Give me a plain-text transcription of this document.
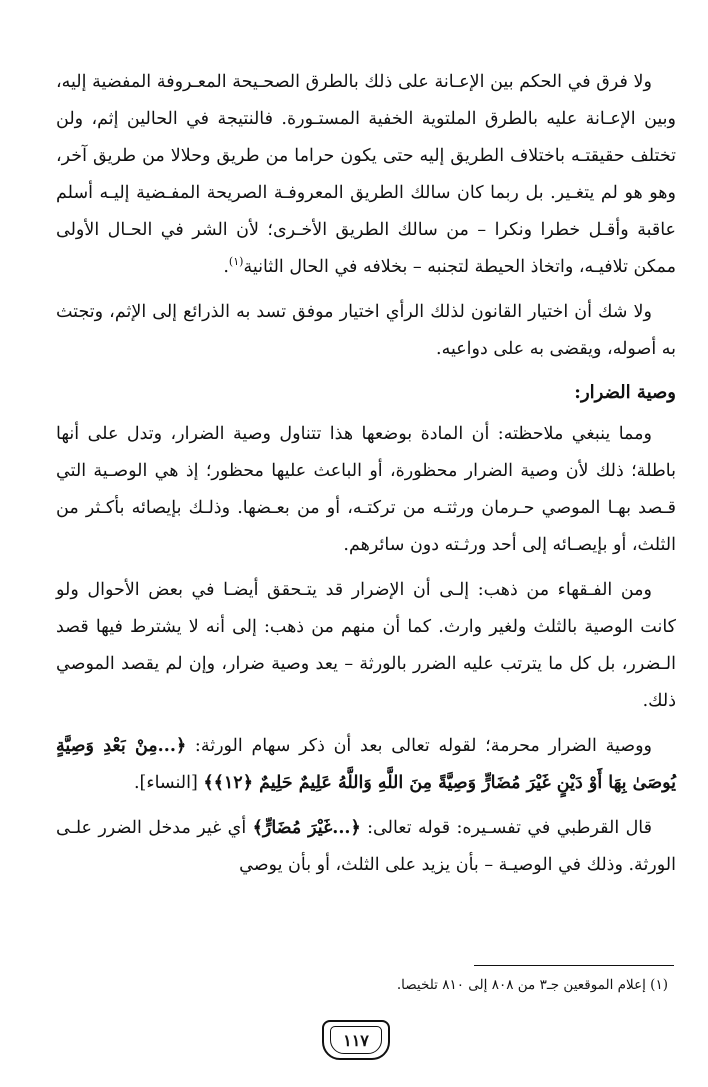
ولا فرق في الحكم بين الإعـانة على ذلك بالطرق الصحـيحة المعـروفة المفضية إليه، وبين الإعـانة عليه بالطرق الملتوية الخفية المستـورة. فالنتيجة في الحالين إثم، ولن تختلف حقيقتـه باختلاف الطريق إليه حتى يكون حراما من طريق وحلالا من طريق آخر، وهو هو لم يتغـير. بل ربما كان سالك الطريق المعروفـة الصريحة المفـضية إليـه أسلم عاقبة وأقـل خطرا ونكرا – من سالك الطريق الأخـرى؛ لأن الشر في الحـال الأولى ممكن تلافيـه، واتخاذ الحيطة لتجنبه – بخلافه في الحال الثانية$^{(١)}$.

ولا شك أن اختيار القانون لذلك الرأي اختيار موفق تسد به الذرائع إلى الإثم، وتجتث به أصوله، ويقضى به على دواعيه.

وصية الضرار:

ومما ينبغي ملاحظته: أن المادة بوضعها هذا تتناول وصية الضرار، وتدل على أنها باطلة؛ ذلك لأن وصية الضرار محظورة، أو الباعث عليها محظور؛ إذ هي الوصـية التي قـصد بهـا الموصي حـرمان ورثتـه من تركتـه، أو من بعـضها. وذلـك بإيصائه بأكـثر من الثلث، أو بإيصـائه إلى أحد ورثـته دون سائرهم.

ومن الفـقهاء من ذهب: إلـى أن الإضرار قد يتـحقق أيضـا في بعض الأحوال ولو كانت الوصية بالثلث ولغير وارث. كما أن منهم من ذهب: إلى أنه لا يشترط فيها قصد الـضرر، بل كل ما يترتب عليه الضرر بالورثة – يعد وصية ضرار، وإن لم يقصد الموصي ذلك.

ووصية الضرار محرمة؛ لقوله تعالى بعد أن ذكر سهام الورثة: ﴿...مِنْ بَعْدِ وَصِيَّةٍ يُوصَىٰ بِهَا أَوْ دَيْنٍ غَيْرَ مُضَارٍّ وَصِيَّةً مِنَ اللَّهِ وَاللَّهُ عَلِيمٌ حَلِيمٌ ﴿١٢﴾﴾ [النساء].

قال القرطبي في تفسـيره: قوله تعالى: ﴿...غَيْرَ مُضَارٍّ﴾ أي غير مدخل الضرر علـى الورثة. وذلك في الوصيـة – بأن يزيد على الثلث، أو بأن يوصي

(١) إعلام الموقعين جـ٣ من ٨٠٨ إلى ٨١٠ تلخيصا.
١١٧
